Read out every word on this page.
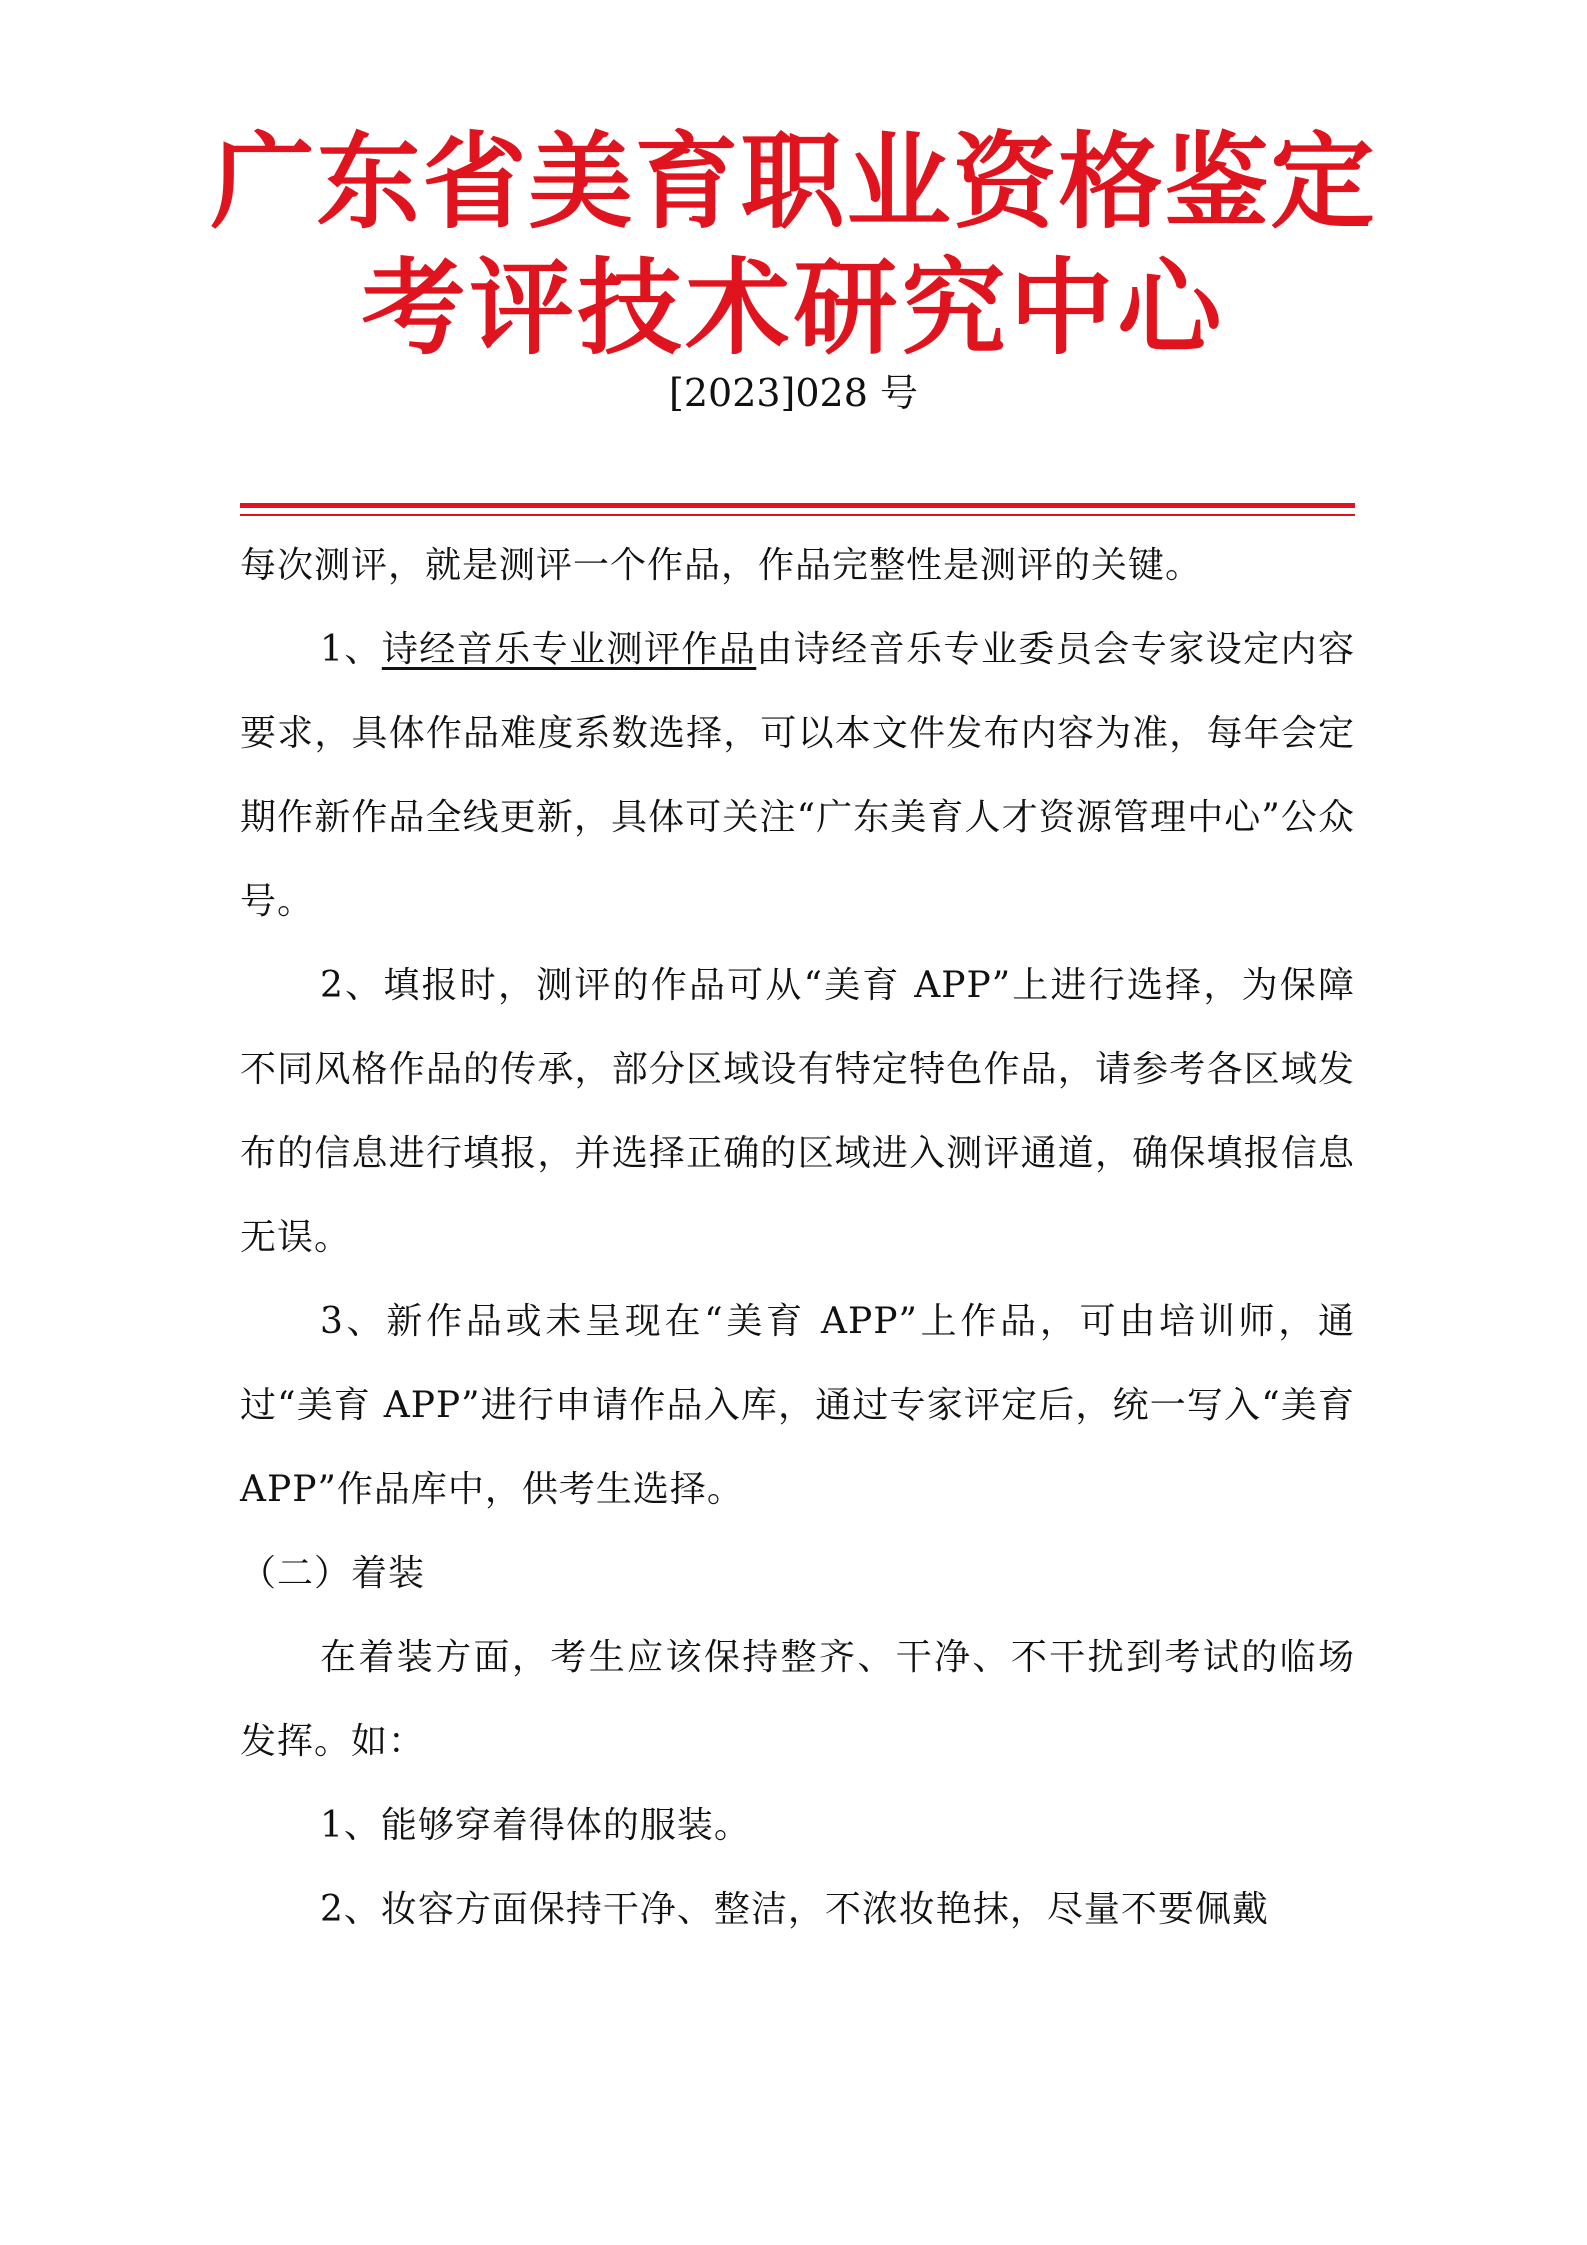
广东省美育职业资格鉴定
考评技术研究中心
[2023]028 号

每次测评，就是测评一个作品，作品完整性是测评的关键。

1、诗经音乐专业测评作品由诗经音乐专业委员会专家设定内容要求，具体作品难度系数选择，可以本文件发布内容为准，每年会定期作新作品全线更新，具体可关注“广东美育人才资源管理中心”公众号。

2、填报时，测评的作品可从“美育 APP”上进行选择，为保障不同风格作品的传承，部分区域设有特定特色作品，请参考各区域发布的信息进行填报，并选择正确的区域进入测评通道，确保填报信息无误。

3、新作品或未呈现在“美育 APP”上作品，可由培训师，通过“美育 APP”进行申请作品入库，通过专家评定后，统一写入“美育 APP”作品库中，供考生选择。

（二）着装

在着装方面，考生应该保持整齐、干净、不干扰到考试的临场发挥。如：

1、能够穿着得体的服装。

2、妆容方面保持干净、整洁，不浓妆艳抹，尽量不要佩戴
